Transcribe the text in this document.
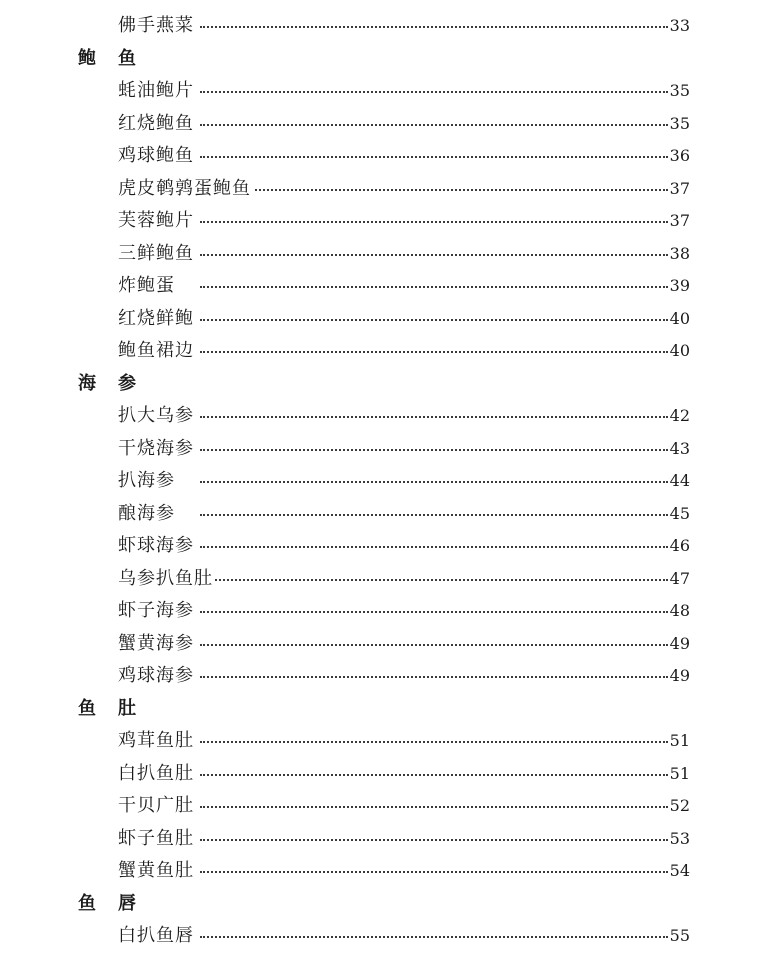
佛手燕菜	33
鲍 鱼
蚝油鲍片	35
红烧鲍鱼	35
鸡球鲍鱼	36
虎皮鹌鹑蛋鲍鱼	37
芙蓉鲍片	37
三鲜鲍鱼	38
炸鲍蛋	39
红烧鲜鲍	40
鲍鱼裙边	40
海 参
扒大乌参	42
干烧海参	43
扒海参	44
酿海参	45
虾球海参	46
乌参扒鱼肚	47
虾子海参	48
蟹黄海参	49
鸡球海参	49
鱼 肚
鸡茸鱼肚	51
白扒鱼肚	51
干贝广肚	52
虾子鱼肚	53
蟹黄鱼肚	54
鱼 唇
白扒鱼唇	55
